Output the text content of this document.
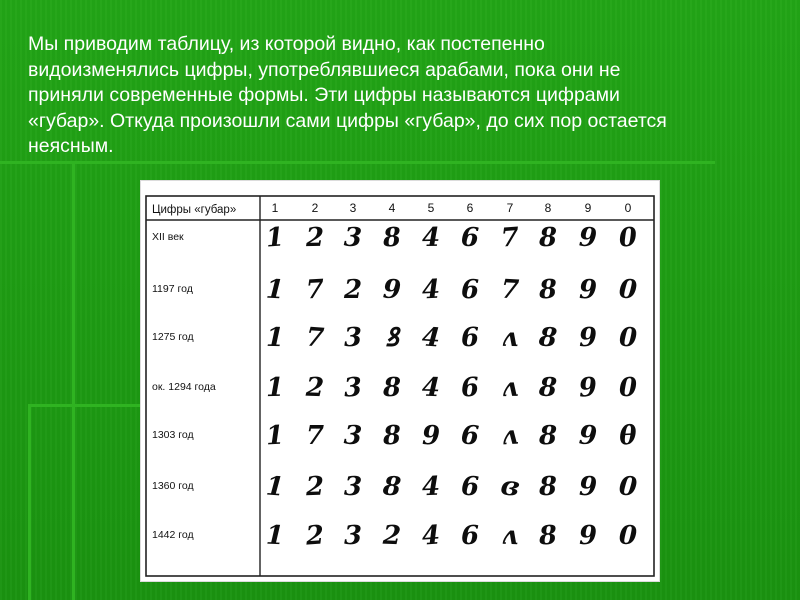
Мы приводим таблицу, из которой видно, как постепенно
видоизменялись цифры, употреблявшиеся арабами, пока они не
приняли современные формы. Эти цифры называются цифрами
«губар». Откуда произошли сами цифры «губар», до сих пор остается
неясным.
Цифры «губар»	1	2	3	4	5	6	7	8	9	0
XII век	1 2 3 8 4 6 7 8 9 0
1197 год	1 7 2 9 4 6 7 8 9 0
1275 год	1 7 3 ꝸ 4 6 ʌ 8 9 0
ок. 1294 года 1 2 3 8 4 6 ʌ 8 9 0
1303 год	1 7 3 8 9 6 ʌ 8 9 θ
1360 год	1 2 3 8 4 6 ɞ 8 9 0
1442 год	1 2 3 2 4 6 ʌ 8 9 0
